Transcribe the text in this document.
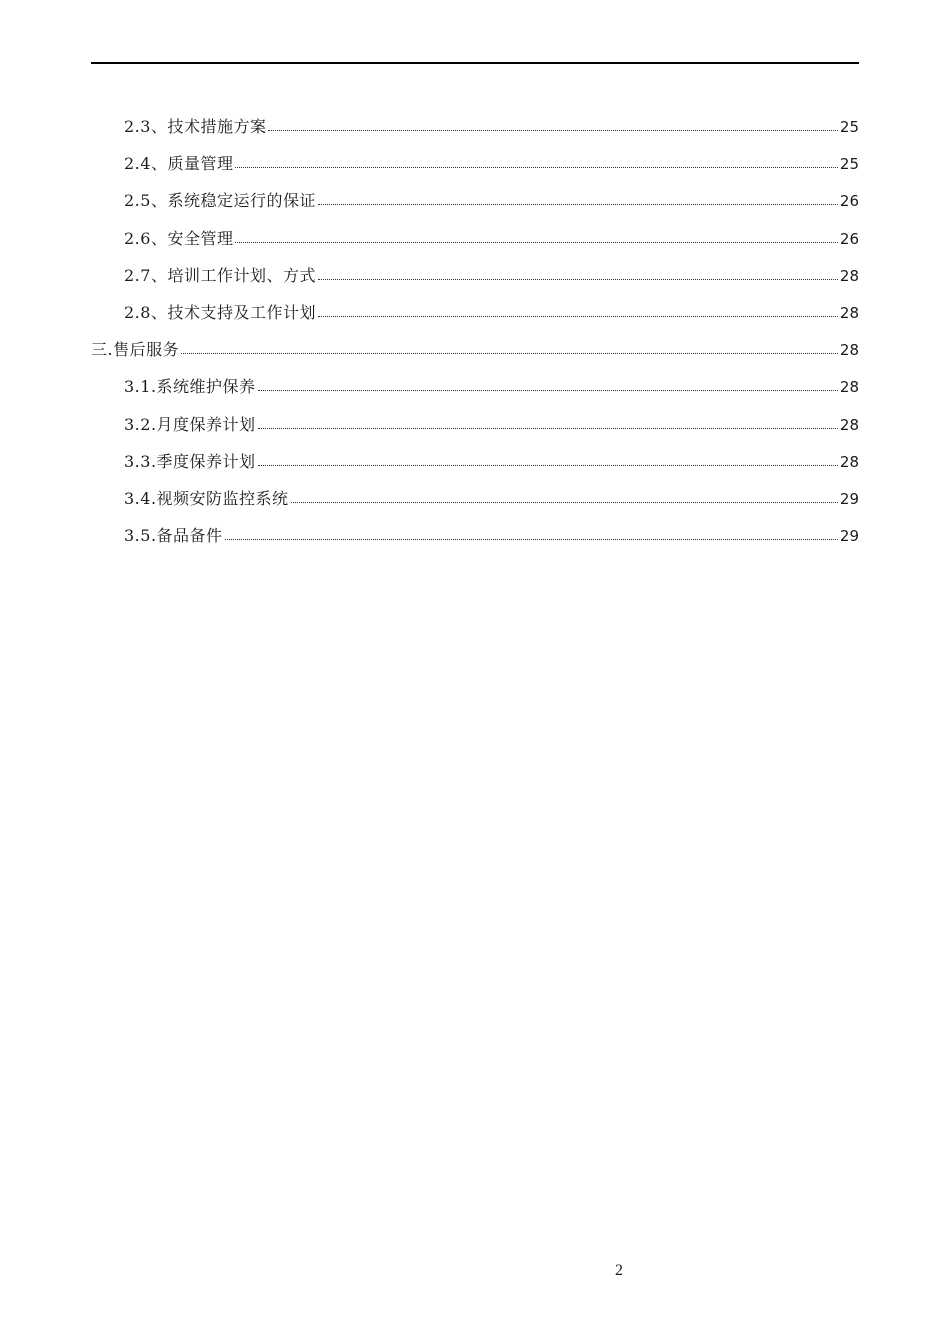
2.3、技术措施方案	25
2.4、质量管理	25
2.5、系统稳定运行的保证	26
2.6、安全管理	26
2.7、培训工作计划、方式	28
2.8、技术支持及工作计划	28
三.售后服务	28
3.1.系统维护保养	28
3.2.月度保养计划	28
3.3.季度保养计划	28
3.4.视频安防监控系统	29
3.5.备品备件	29
2
